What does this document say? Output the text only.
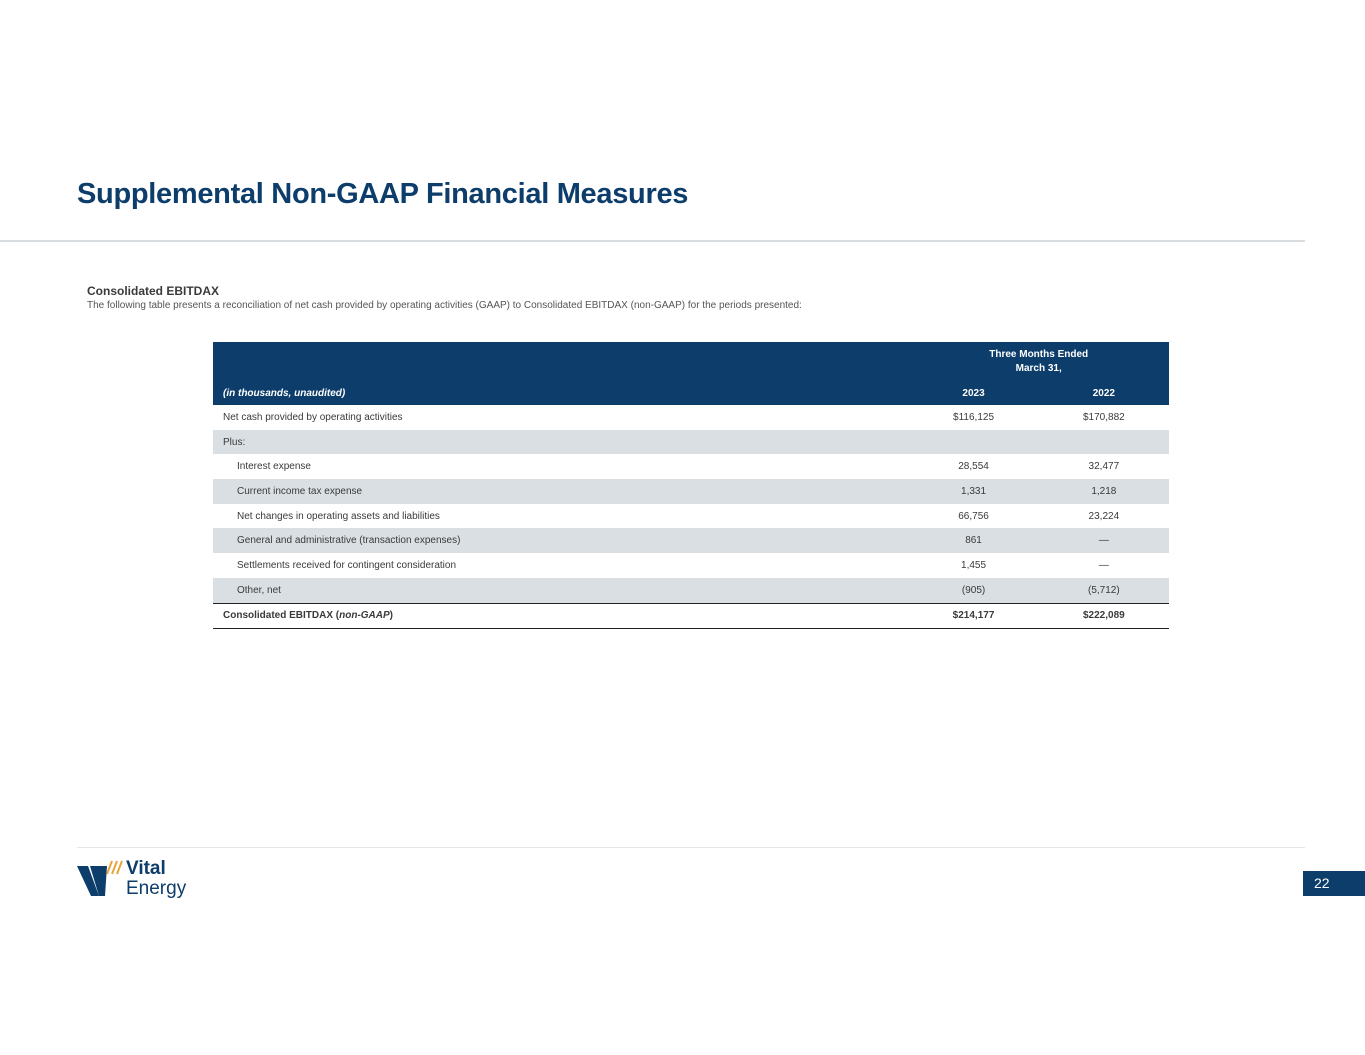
Supplemental Non-GAAP Financial Measures
Consolidated EBITDAX
The following table presents a reconciliation of net cash provided by operating activities (GAAP) to Consolidated EBITDAX (non-GAAP) for the periods presented:

	Three Months Ended
March 31,	

(in thousands, unaudited)	2023	2022
Net cash provided by operating activities	$116,125	$170,882
Plus:		
Interest expense	28,554	32,477
Current income tax expense	1,331	1,218
Net changes in operating assets and liabilities	66,756	23,224
General and administrative (transaction expenses)	861	—
Settlements received for contingent consideration	1,455	—
Other, net	(905)	(5,712)
Consolidated EBITDAX (non-GAAP)	$214,177	$222,089
Vital
Energy	22
